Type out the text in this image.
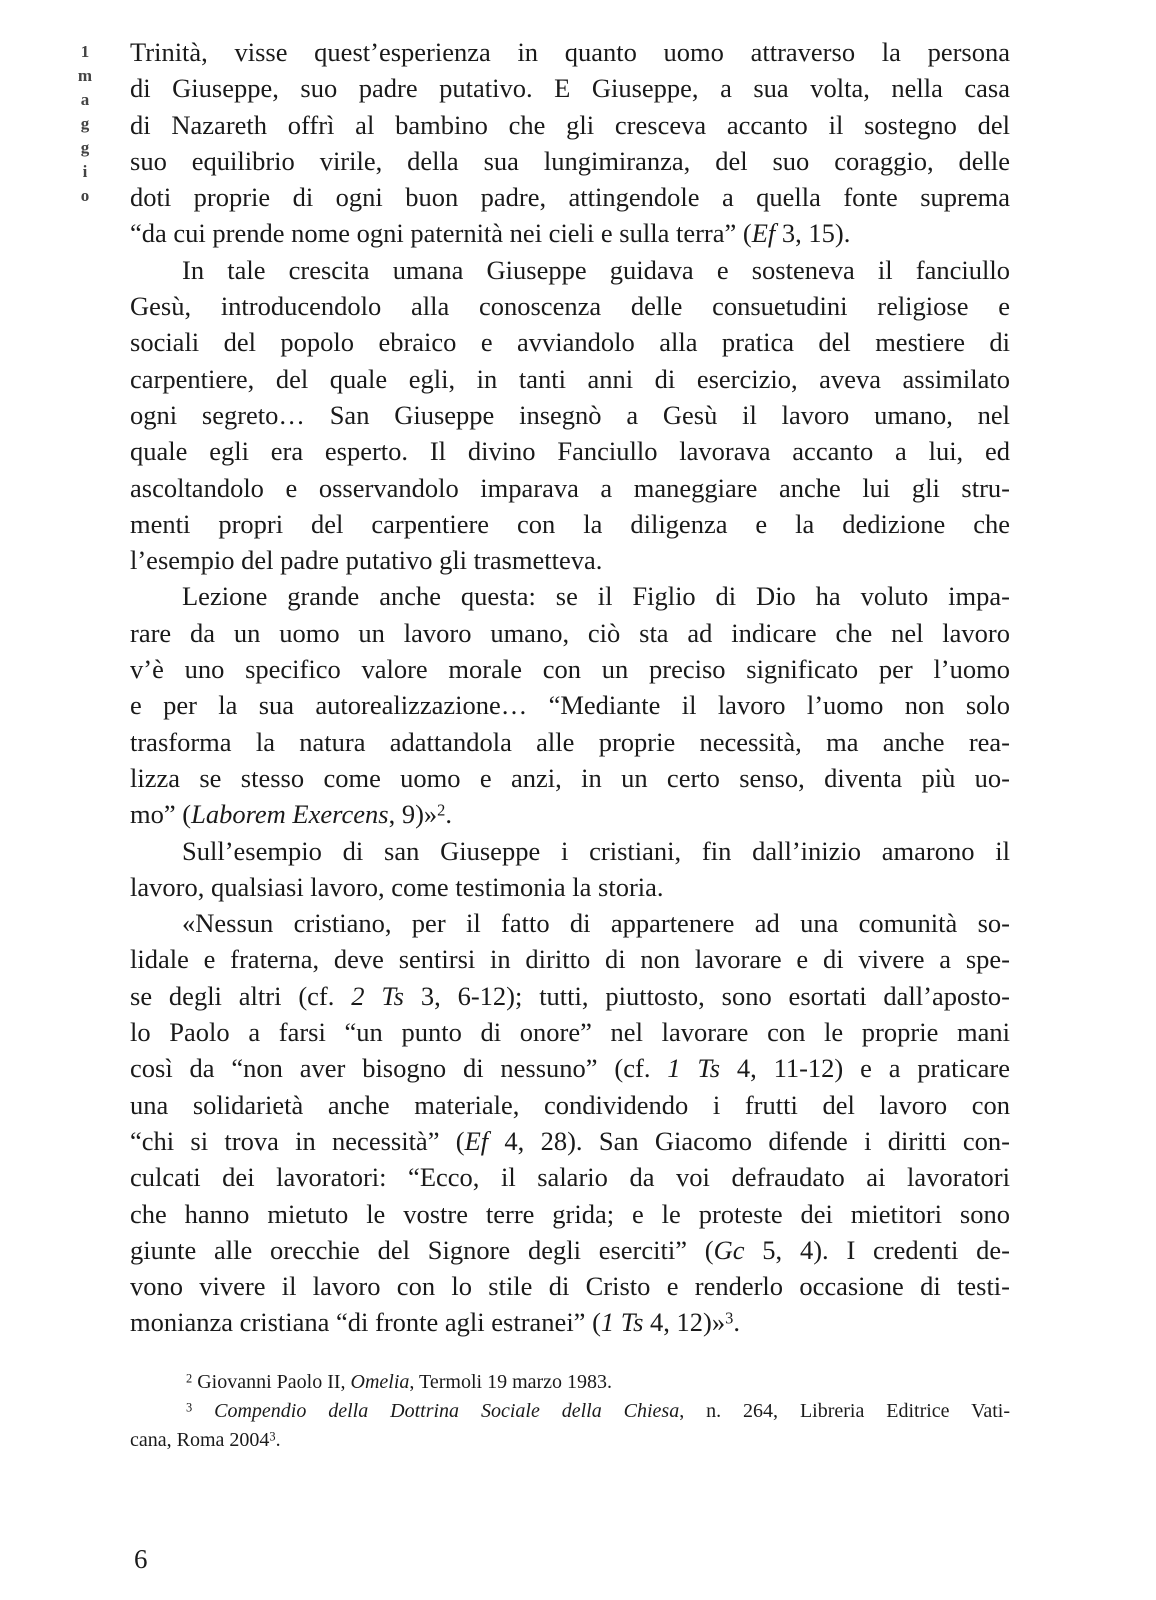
1
m
a
g
g
i
o
Trinità, visse quest’esperienza in quanto uomo attraverso la persona
di Giuseppe, suo padre putativo. E Giuseppe, a sua volta, nella casa
di Nazareth offrì al bambino che gli cresceva accanto il sostegno del
suo equilibrio virile, della sua lungimiranza, del suo coraggio, delle
doti proprie di ogni buon padre, attingendole a quella fonte suprema
“da cui prende nome ogni paternità nei cieli e sulla terra” (Ef 3, 15).
In tale crescita umana Giuseppe guidava e sosteneva il fanciullo
Gesù, introducendolo alla conoscenza delle consuetudini religiose e
sociali del popolo ebraico e avviandolo alla pratica del mestiere di
carpentiere, del quale egli, in tanti anni di esercizio, aveva assimilato
ogni segreto… San Giuseppe insegnò a Gesù il lavoro umano, nel
quale egli era esperto. Il divino Fanciullo lavorava accanto a lui, ed
ascoltandolo e osservandolo imparava a maneggiare anche lui gli stru-
menti propri del carpentiere con la diligenza e la dedizione che
l’esempio del padre putativo gli trasmetteva.
Lezione grande anche questa: se il Figlio di Dio ha voluto impa-
rare da un uomo un lavoro umano, ciò sta ad indicare che nel lavoro
v’è uno specifico valore morale con un preciso significato per l’uomo
e per la sua autorealizzazione… “Mediante il lavoro l’uomo non solo
trasforma la natura adattandola alle proprie necessità, ma anche rea-
lizza se stesso come uomo e anzi, in un certo senso, diventa più uo-
mo” (Laborem Exercens, 9)»$^2$.
Sull’esempio di san Giuseppe i cristiani, fin dall’inizio amarono il
lavoro, qualsiasi lavoro, come testimonia la storia.
«Nessun cristiano, per il fatto di appartenere ad una comunità so-
lidale e fraterna, deve sentirsi in diritto di non lavorare e di vivere a spe-
se degli altri (cf. 2 Ts 3, 6-12); tutti, piuttosto, sono esortati dall’aposto-
lo Paolo a farsi “un punto di onore” nel lavorare con le proprie mani
così da “non aver bisogno di nessuno” (cf. 1 Ts 4, 11-12) e a praticare
una solidarietà anche materiale, condividendo i frutti del lavoro con
“chi si trova in necessità” (Ef 4, 28). San Giacomo difende i diritti con-
culcati dei lavoratori: “Ecco, il salario da voi defraudato ai lavoratori
che hanno mietuto le vostre terre grida; e le proteste dei mietitori sono
giunte alle orecchie del Signore degli eserciti” (Gc 5, 4). I credenti de-
vono vivere il lavoro con lo stile di Cristo e renderlo occasione di testi-
monianza cristiana “di fronte agli estranei” (1 Ts 4, 12)»$^3$.
$^2$ Giovanni Paolo II, Omelia, Termoli 19 marzo 1983.
$^3$ Compendio della Dottrina Sociale della Chiesa, n. 264, Libreria Editrice Vati-
cana, Roma 2004$^3$.
6
